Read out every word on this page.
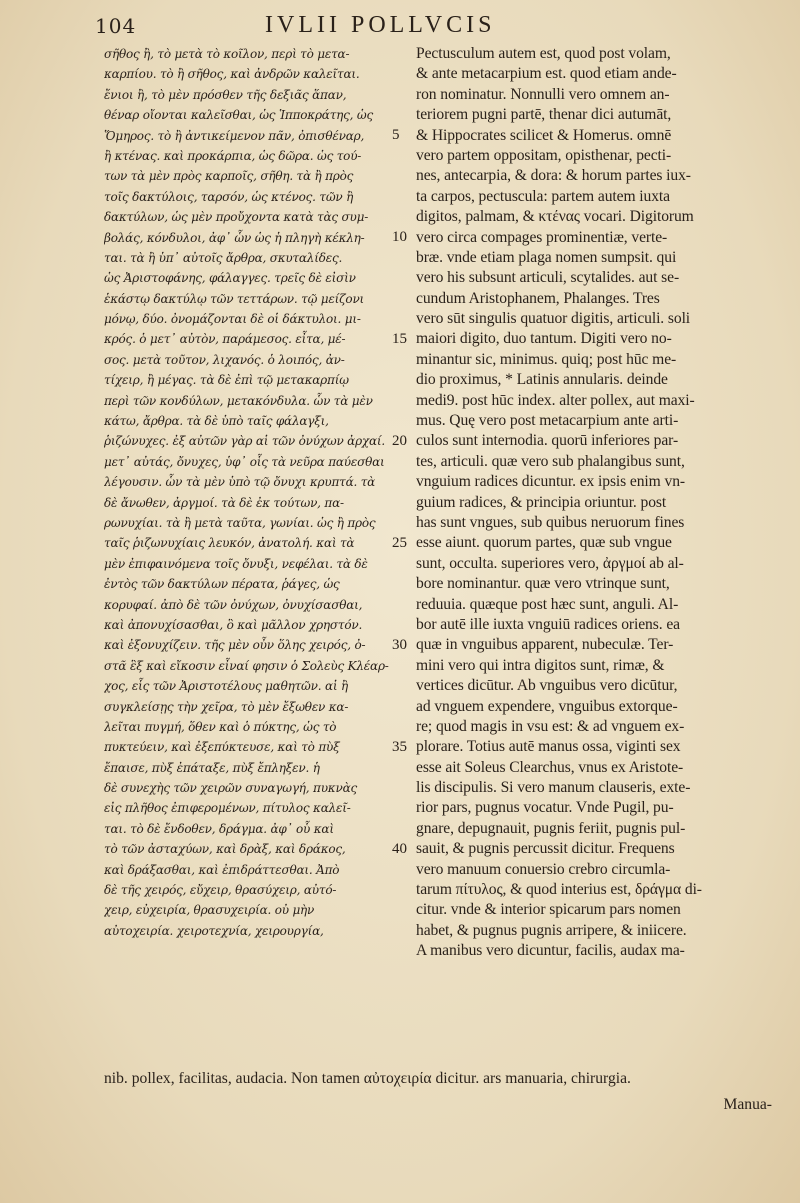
104	IVLII POLLVCIS
σῆθος ἢ, τὸ μετὰ τὸ κοῖλον, περὶ τὸ μετα-
καρπίου. τὸ ἢ σῆθος, καὶ ἀνδρῶν καλεῖται.
ἔνιοι ἢ, τὸ μὲν πρόσθεν τῆς δεξιᾶς ἅπαν,
θέναρ οἴονται καλεῖσθαι, ὡς Ἱπποκράτης, ὡς
Ὅμηρος. τὸ ἢ ἀντικείμενον πᾶν, ὀπισθέναρ,
ἢ κτένας. καὶ προκάρπια, ὡς δῶρα. ὡς τού-
των τὰ μὲν πρὸς καρποῖς, σῆθη. τὰ ἢ πρὸς
τοῖς δακτύλοις, ταρσόν, ὡς κτένος. τῶν ἢ
δακτύλων, ὡς μὲν προὔχοντα κατὰ τὰς συμ-
βολάς, κόνδυλοι, ἀφ᾽ ὧν ὡς ἡ πληγὴ κέκλη-
ται. τὰ ἢ ὑπ᾽ αὐτοῖς ἄρθρα, σκυταλίδες.
ὡς Ἀριστοφάνης, φάλαγγες. τρεῖς δὲ εἰσὶν
ἑκάστῳ δακτύλῳ τῶν τεττάρων. τῷ μείζονι
μόνῳ, δύο. ὀνομάζονται δὲ οἱ δάκτυλοι. μι-
κρός. ὁ μετ᾽ αὐτὸν, παράμεσος. εἶτα, μέ-
σος. μετὰ τοῦτον, λιχανός. ὁ λοιπός, ἀν-
τίχειρ, ἢ μέγας. τὰ δὲ ἐπὶ τῷ μετακαρπίῳ
περὶ τῶν κονδύλων, μετακόνδυλα. ὧν τὰ μὲν
κάτω, ἄρθρα. τὰ δὲ ὑπὸ ταῖς φάλαγξι,
ῥιζώνυχες. ἐξ αὐτῶν γὰρ αἱ τῶν ὀνύχων ἀρχαί.
μετ᾽ αὐτάς, ὄνυχες, ὑφ᾽ οἷς τὰ νεῦρα παύεσθαι
λέγουσιν. ὧν τὰ μὲν ὑπὸ τῷ ὄνυχι κρυπτά. τὰ
δὲ ἄνωθεν, ἀργμοί. τὰ δὲ ἐκ τούτων, πα-
ρωνυχίαι. τὰ ἢ μετὰ ταῦτα, γωνίαι. ὡς ἢ πρὸς
ταῖς ῥιζωνυχίαις λευκόν, ἀνατολή. καὶ τὰ
μὲν ἐπιφαινόμενα τοῖς ὄνυξι, νεφέλαι. τὰ δὲ
ἐντὸς τῶν δακτύλων πέρατα, ῥάγες, ὡς
κορυφαί. ἀπὸ δὲ τῶν ὀνύχων, ὀνυχίσασθαι,
καὶ ἀπονυχίσασθαι, ὃ καὶ μᾶλλον χρηστόν.
καὶ ἐξονυχίζειν. τῆς μὲν οὖν ὅλης χειρός, ὀ-
στᾶ ἓξ καὶ εἴκοσιν εἶναί φησιν ὁ Σολεὺς Κλέαρ-
χος, εἷς τῶν Ἀριστοτέλους μαθητῶν. αἱ ἢ
συγκλείσῃς τὴν χεῖρα, τὸ μὲν ἔξωθεν κα-
λεῖται πυγμή, ὅθεν καὶ ὁ πύκτης, ὡς τὸ
πυκτεύειν, καὶ ἐξεπύκτευσε, καὶ τὸ πὺξ
ἔπαισε, πὺξ ἐπάταξε, πὺξ ἔπληξεν. ἡ
δὲ συνεχὴς τῶν χειρῶν συναγωγή, πυκνὰς
εἰς πλῆθος ἐπιφερομένων, πίτυλος καλεῖ-
ται. τὸ δὲ ἔνδοθεν, δράγμα. ἀφ᾽ οὗ καὶ
τὸ τῶν ἀσταχύων, καὶ δρὰξ, καὶ δράκος,
καὶ δράξασθαι, καὶ ἐπιδράττεσθαι. Ἀπὸ
δὲ τῆς χειρός, εὔχειρ, θρασύχειρ, αὐτό-
χειρ, εὐχειρία, θρασυχειρία. οὐ μὴν
αὐτοχειρία. χειροτεχνία, χειρουργία,
5
10
15
20
25
30
35
40
Pectusculum autem est, quod post volam,
& ante metacarpium est. quod etiam ande-
ron nominatur. Nonnulli vero omnem an-
teriorem pugni partē, thenar dici autumāt,
& Hippocrates scilicet & Homerus. omnē
vero partem oppositam, opisthenar, pecti-
nes, antecarpia, & dora: & horum partes iux-
ta carpos, pectuscula: partem autem iuxta
digitos, palmam, & κτένας vocari. Digitorum
vero circa compages prominentiæ, verte-
bræ. vnde etiam plaga nomen sumpsit. qui
vero his subsunt articuli, scytalides. aut se-
cundum Aristophanem, Phalanges. Tres
vero sūt singulis quatuor digitis, articuli. soli
maiori digito, duo tantum. Digiti vero no-
minantur sic, minimus. quiq; post hūc me-
dio proximus, * Latinis annularis. deinde
medi9. post hūc index. alter pollex, aut maxi-
mus. Quę vero post metacarpium ante arti-
culos sunt internodia. quorū inferiores par-
tes, articuli. quæ vero sub phalangibus sunt,
vnguium radices dicuntur. ex ipsis enim vn-
guium radices, & principia oriuntur. post
has sunt vngues, sub quibus neruorum fines
esse aiunt. quorum partes, quæ sub vngue
sunt, occulta. superiores vero, ἀργμοί ab al-
bore nominantur. quæ vero vtrinque sunt,
reduuia. quæque post hæc sunt, anguli. Al-
bor autē ille iuxta vnguiū radices oriens. ea
quæ in vnguibus apparent, nubeculæ. Ter-
mini vero qui intra digitos sunt, rimæ, &
vertices dicūtur. Ab vnguibus vero dicūtur,
ad vnguem expendere, vnguibus extorque-
re; quod magis in vsu est: & ad vnguem ex-
plorare. Totius autē manus ossa, viginti sex
esse ait Soleus Clearchus, vnus ex Aristote-
lis discipulis. Si vero manum clauseris, exte-
rior pars, pugnus vocatur. Vnde Pugil, pu-
gnare, depugnauit, pugnis feriit, pugnis pul-
sauit, & pugnis percussit dicitur. Frequens
vero manuum conuersio crebro circumla-
tarum πίτυλος, & quod interius est, δράγμα di-
citur. vnde & interior spicarum pars nomen
habet, & pugnus pugnis arripere, & iniicere.
A manibus vero dicuntur, facilis, audax ma-
nib. pollex, facilitas, audacia. Non tamen αὐτοχειρία dicitur. ars manuaria, chirurgia.
Manua-
